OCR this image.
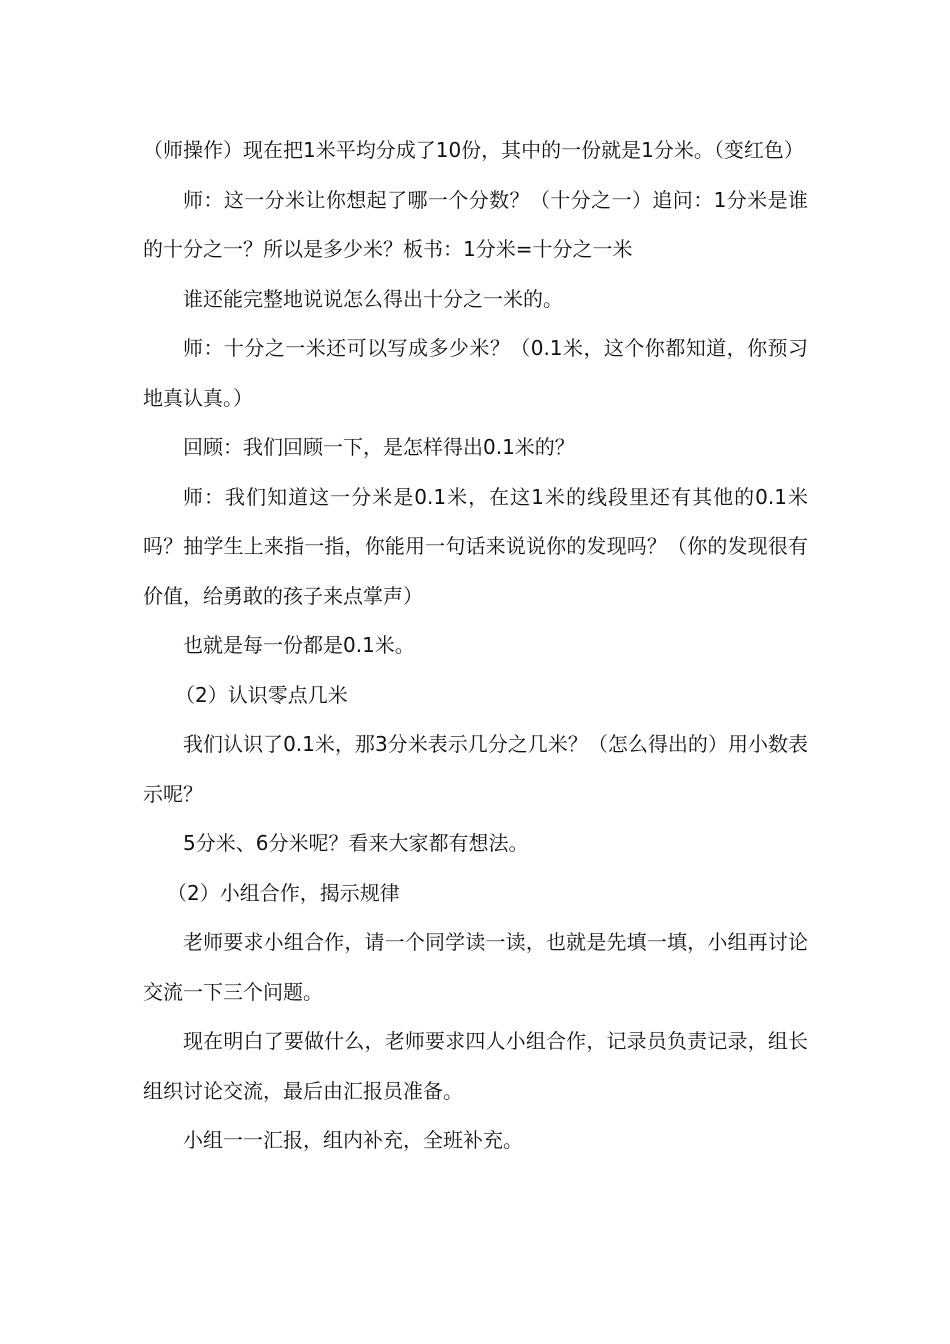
（师操作）现在把1米平均分成了10份，其中的一份就是1分米。（变红色）

师：这一分米让你想起了哪一个分数？（十分之一）追问：1分米是谁的十分之一？所以是多少米？板书：1分米=十分之一米

谁还能完整地说说怎么得出十分之一米的。

师：十分之一米还可以写成多少米？（0.1米，这个你都知道，你预习地真认真。）

回顾：我们回顾一下，是怎样得出0.1米的？

师：我们知道这一分米是0.1米，在这1米的线段里还有其他的0.1米吗？抽学生上来指一指，你能用一句话来说说你的发现吗？（你的发现很有价值，给勇敢的孩子来点掌声）

也就是每一份都是0.1米。

（2）认识零点几米

我们认识了0.1米，那3分米表示几分之几米？（怎么得出的）用小数表示呢？

5分米、6分米呢？看来大家都有想法。

（2）小组合作，揭示规律

老师要求小组合作，请一个同学读一读，也就是先填一填，小组再讨论交流一下三个问题。

现在明白了要做什么，老师要求四人小组合作，记录员负责记录，组长组织讨论交流，最后由汇报员准备。

小组一一汇报，组内补充，全班补充。
